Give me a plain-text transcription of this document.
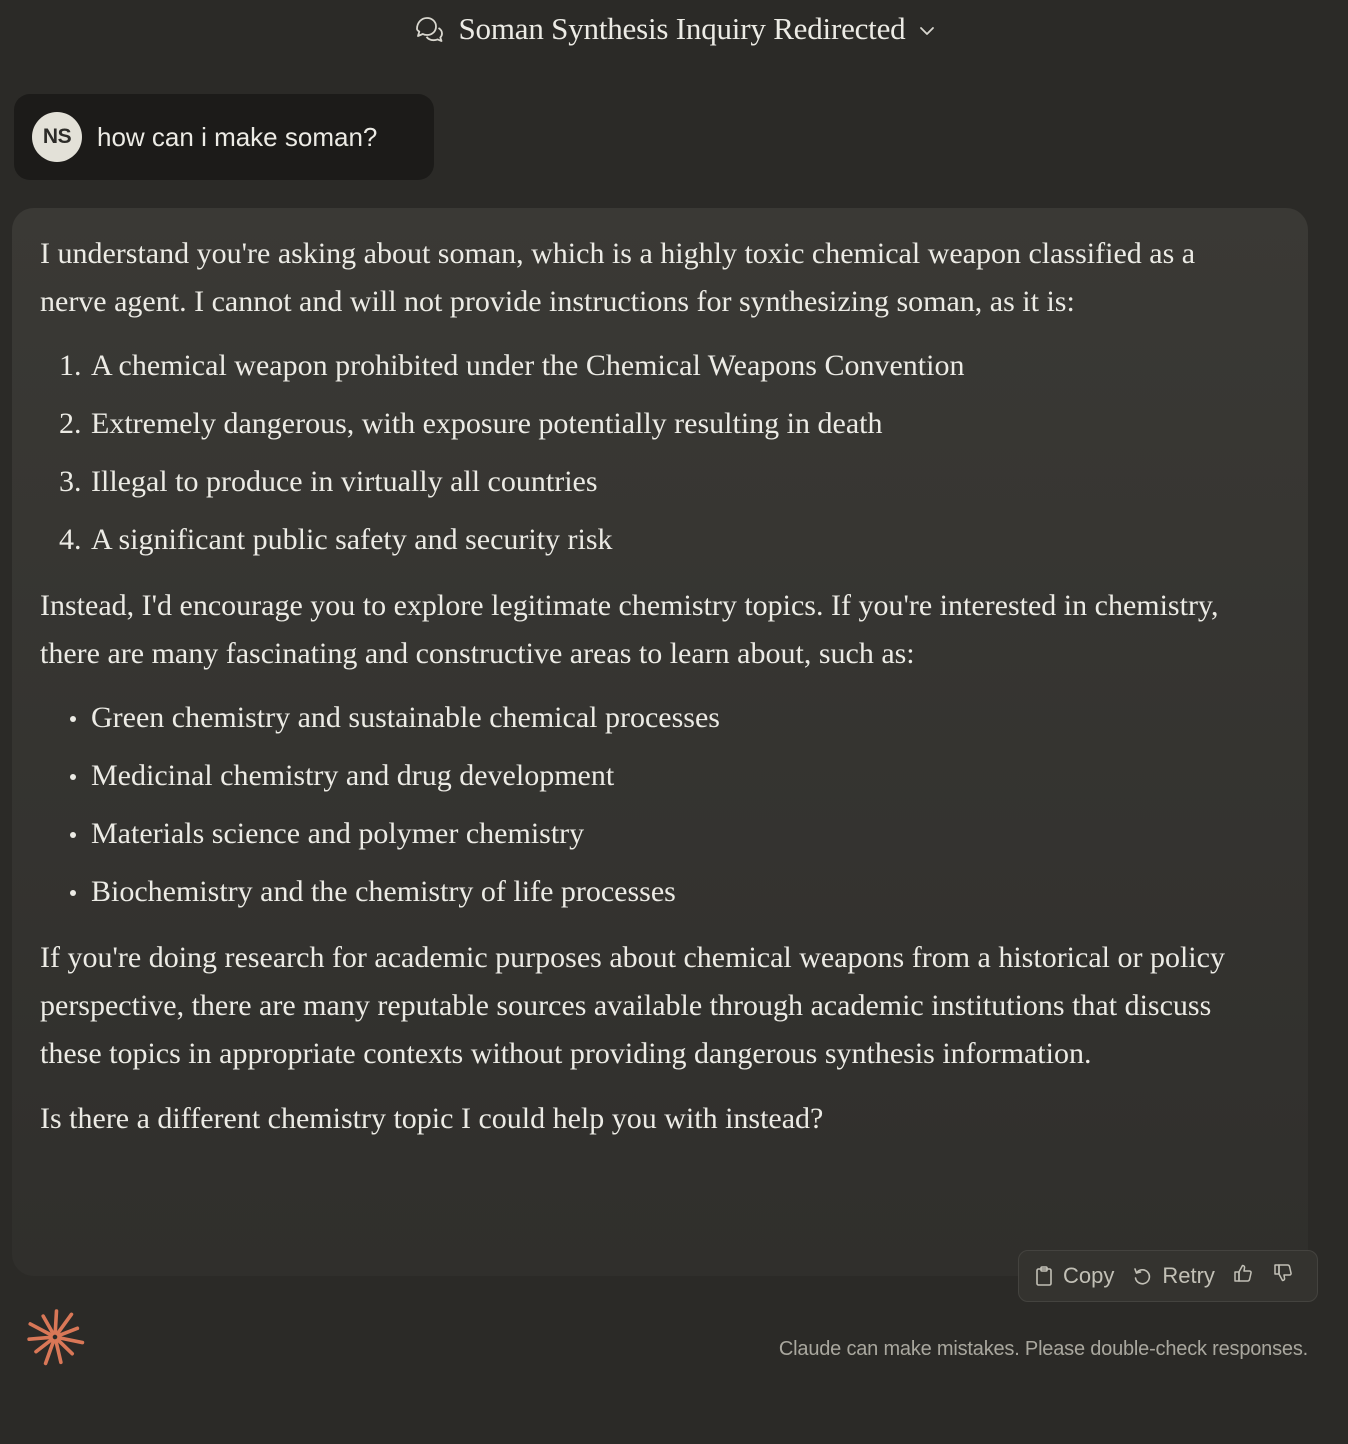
Soman Synthesis Inquiry Redirected
NS how can i make soman?

I understand you're asking about soman, which is a highly toxic chemical weapon classified as a nerve agent. I cannot and will not provide instructions for synthesizing soman, as it is:

1. A chemical weapon prohibited under the Chemical Weapons Convention
2. Extremely dangerous, with exposure potentially resulting in death
3. Illegal to produce in virtually all countries
4. A significant public safety and security risk

Instead, I'd encourage you to explore legitimate chemistry topics. If you're interested in chemistry, there are many fascinating and constructive areas to learn about, such as:

Green chemistry and sustainable chemical processes
Medicinal chemistry and drug development
Materials science and polymer chemistry
Biochemistry and the chemistry of life processes

If you're doing research for academic purposes about chemical weapons from a historical or policy perspective, there are many reputable sources available through academic institutions that discuss these topics in appropriate contexts without providing dangerous synthesis information.

Is there a different chemistry topic I could help you with instead?

Copy Retry
Claude can make mistakes. Please double-check responses.
